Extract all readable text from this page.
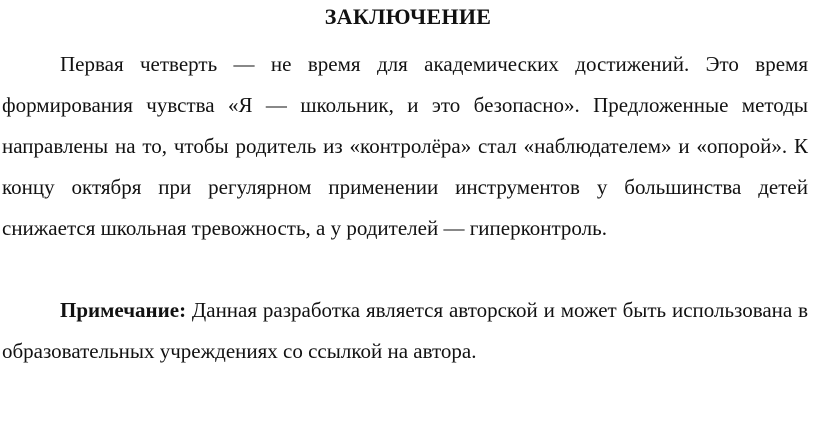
ЗАКЛЮЧЕНИЕ

Первая четверть — не время для академических достижений. Это время формирования чувства «Я — школьник, и это безопасно». Предложенные методы направлены на то, чтобы родитель из «контролёра» стал «наблюдателем» и «опорой». К концу октября при регулярном применении инструментов у большинства детей снижается школьная тревожность, а у родителей — гиперконтроль.

Примечание: Данная разработка является авторской и может быть использована в образовательных учреждениях со ссылкой на автора.
